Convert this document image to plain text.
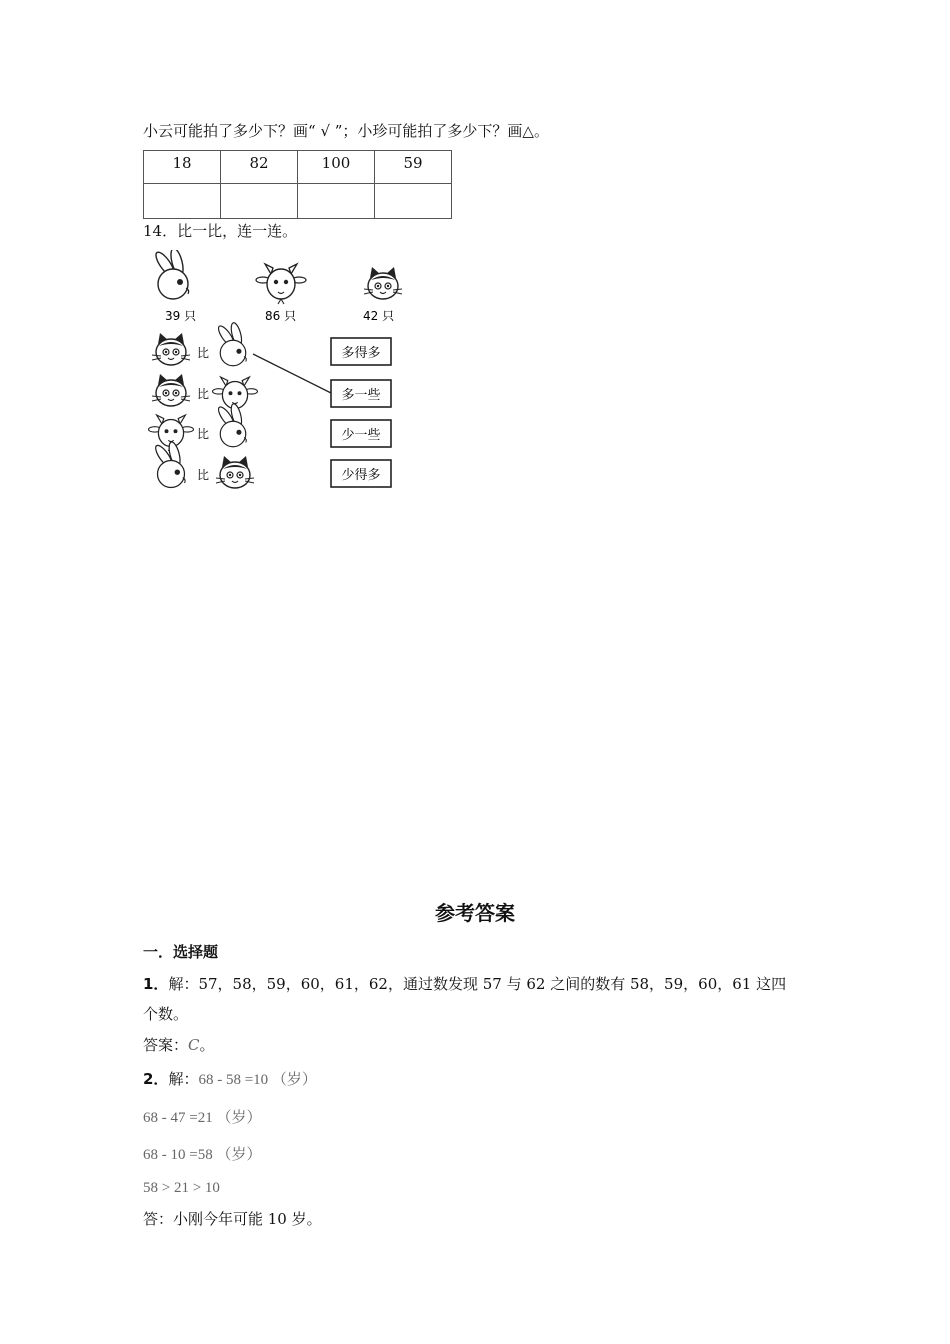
小云可能拍了多少下？画“ √ ”；小珍可能拍了多少下？画△。
18	82	100	59

14．比一比，连一连。
39 只	86 只	42 只
比
比
比
比
多得多
多一些
少一些
少得多
参考答案
一．选择题
1．解：57，58，59，60，61，62，通过数发现 57 与 62 之间的数有 58，59，60，61 这四
个数。
答案：C。
2．解：68 - 58 =10 （岁）
68 - 47 =21 （岁）
68 - 10 =58 （岁）
58 > 21 > 10
答：小刚今年可能 10 岁。
